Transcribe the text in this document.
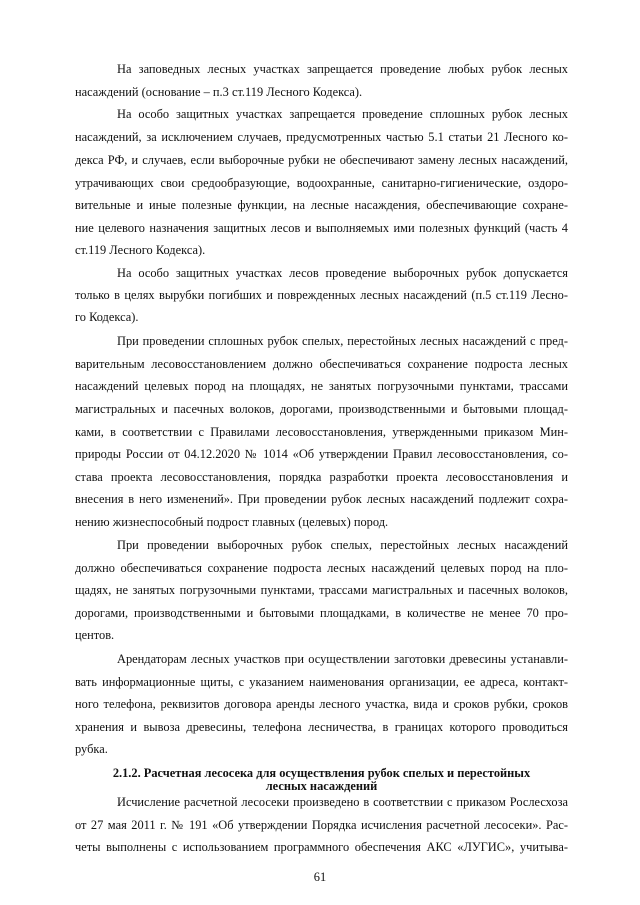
На заповедных лесных участках запрещается проведение любых рубок лесных
насаждений (основание – п.3 ст.119 Лесного Кодекса).
На особо защитных участках запрещается проведение сплошных рубок лесных
насаждений, за исключением случаев, предусмотренных частью 5.1 статьи 21 Лесного ко-
декса РФ, и случаев, если выборочные рубки не обеспечивают замену лесных насаждений,
утрачивающих свои средообразующие, водоохранные, санитарно-гигиенические, оздоро-
вительные и иные полезные функции, на лесные насаждения, обеспечивающие сохране-
ние целевого назначения защитных лесов и выполняемых ими полезных функций (часть 4
ст.119 Лесного Кодекса).
На особо защитных участках лесов проведение выборочных рубок допускается
только в целях вырубки погибших и поврежденных лесных насаждений (п.5 ст.119 Лесно-
го Кодекса).
При проведении сплошных рубок спелых, перестойных лесных насаждений с пред-
варительным лесовосстановлением должно обеспечиваться сохранение подроста лесных
насаждений целевых пород на площадях, не занятых погрузочными пунктами, трассами
магистральных и пасечных волоков, дорогами, производственными и бытовыми площад-
ками, в соответствии с Правилами лесовосстановления, утвержденными приказом Мин-
природы России от 04.12.2020 № 1014 «Об утверждении Правил лесовосстановления, со-
става проекта лесовосстановления, порядка разработки проекта лесовосстановления и
внесения в него изменений». При проведении рубок лесных насаждений подлежит сохра-
нению жизнеспособный подрост главных (целевых) пород.
При проведении выборочных рубок спелых, перестойных лесных насаждений
должно обеспечиваться сохранение подроста лесных насаждений целевых пород на пло-
щадях, не занятых погрузочными пунктами, трассами магистральных и пасечных волоков,
дорогами, производственными и бытовыми площадками, в количестве не менее 70 про-
центов.
Арендаторам лесных участков при осуществлении заготовки древесины устанавли-
вать информационные щиты, с указанием наименования организации, ее адреса, контакт-
ного телефона, реквизитов договора аренды лесного участка, вида и сроков рубки, сроков
хранения и вывоза древесины, телефона лесничества, в границах которого проводиться
рубка.
2.1.2. Расчетная лесосека для осуществления рубок спелых и перестойных
лесных насаждений
Исчисление расчетной лесосеки произведено в соответствии с приказом Рослесхоза
от 27 мая 2011 г. № 191 «Об утверждении Порядка исчисления расчетной лесосеки». Рас-
четы выполнены с использованием программного обеспечения АКС «ЛУГИС», учитыва-
61
